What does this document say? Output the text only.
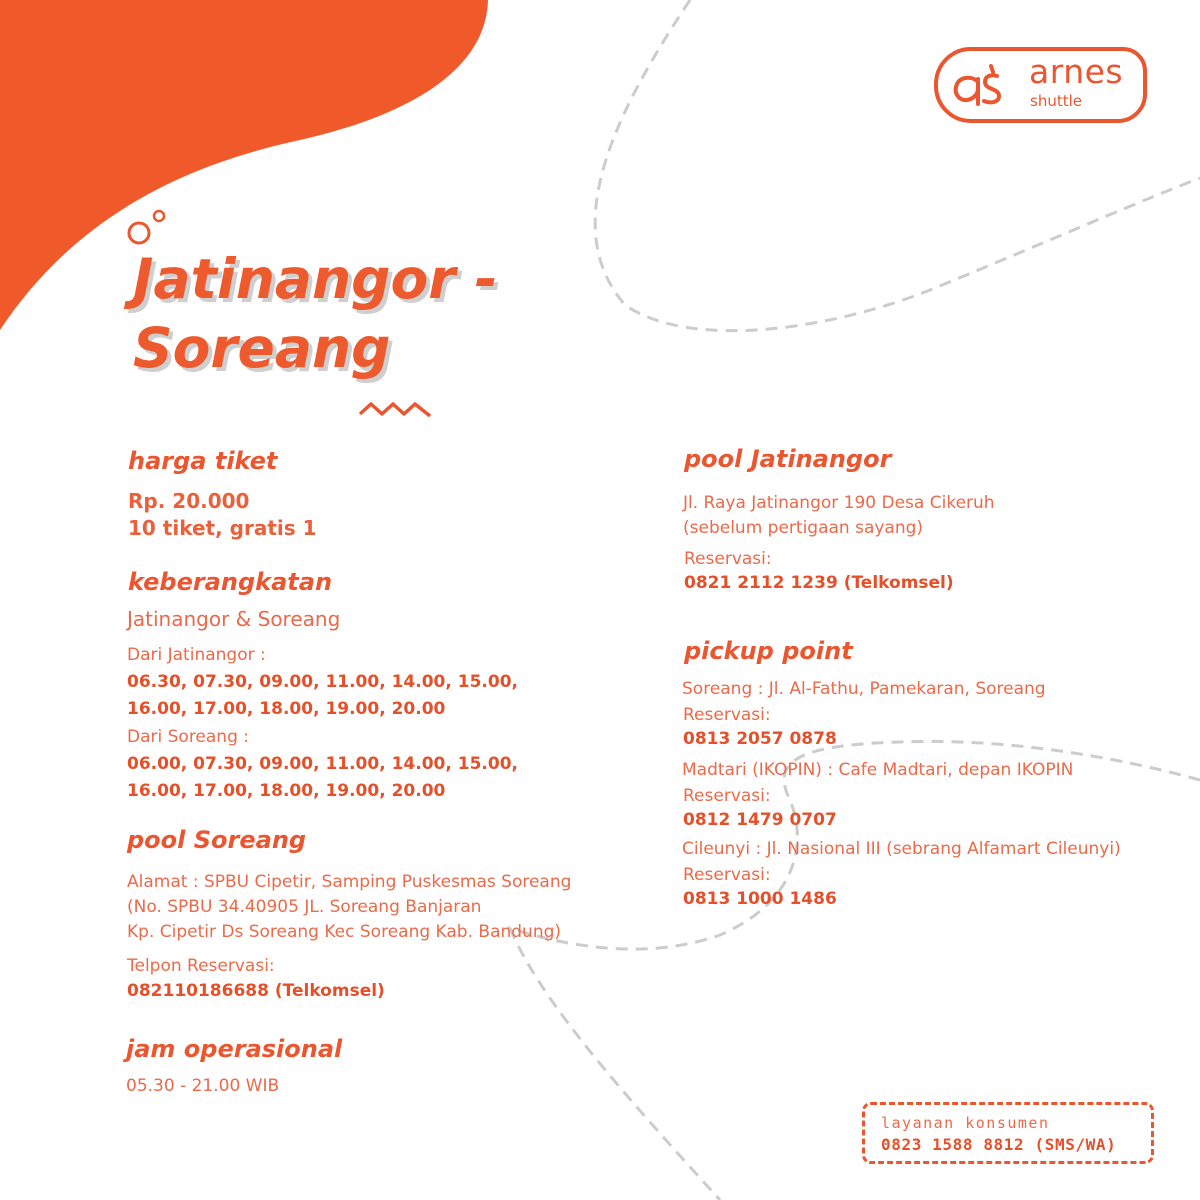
arnes
shuttle
Jatinangor -
Soreang
harga tiket

Rp. 20.000

10 tiket, gratis 1

keberangkatan

Jatinangor & Soreang

Dari Jatinangor :

06.30, 07.30, 09.00, 11.00, 14.00, 15.00,

16.00, 17.00, 18.00, 19.00, 20.00

Dari Soreang :

06.00, 07.30, 09.00, 11.00, 14.00, 15.00,

16.00, 17.00, 18.00, 19.00, 20.00

pool Soreang

Alamat : SPBU Cipetir, Samping Puskesmas Soreang

(No. SPBU 34.40905 JL. Soreang Banjaran

Kp. Cipetir Ds Soreang Kec Soreang Kab. Bandung)

Telpon Reservasi:

082110186688 (Telkomsel)

jam operasional

05.30 - 21.00 WIB

pool Jatinangor

Jl. Raya Jatinangor 190 Desa Cikeruh

(sebelum pertigaan sayang)

Reservasi:

0821 2112 1239 (Telkomsel)

pickup point

Soreang : Jl. Al-Fathu, Pamekaran, Soreang

Reservasi:

0813 2057 0878

Madtari (IKOPIN) : Cafe Madtari, depan IKOPIN

Reservasi:

0812 1479 0707

Cileunyi : Jl. Nasional III (sebrang Alfamart Cileunyi)

Reservasi:

0813 1000 1486

layanan konsumen
0823 1588 8812 (SMS/WA)
